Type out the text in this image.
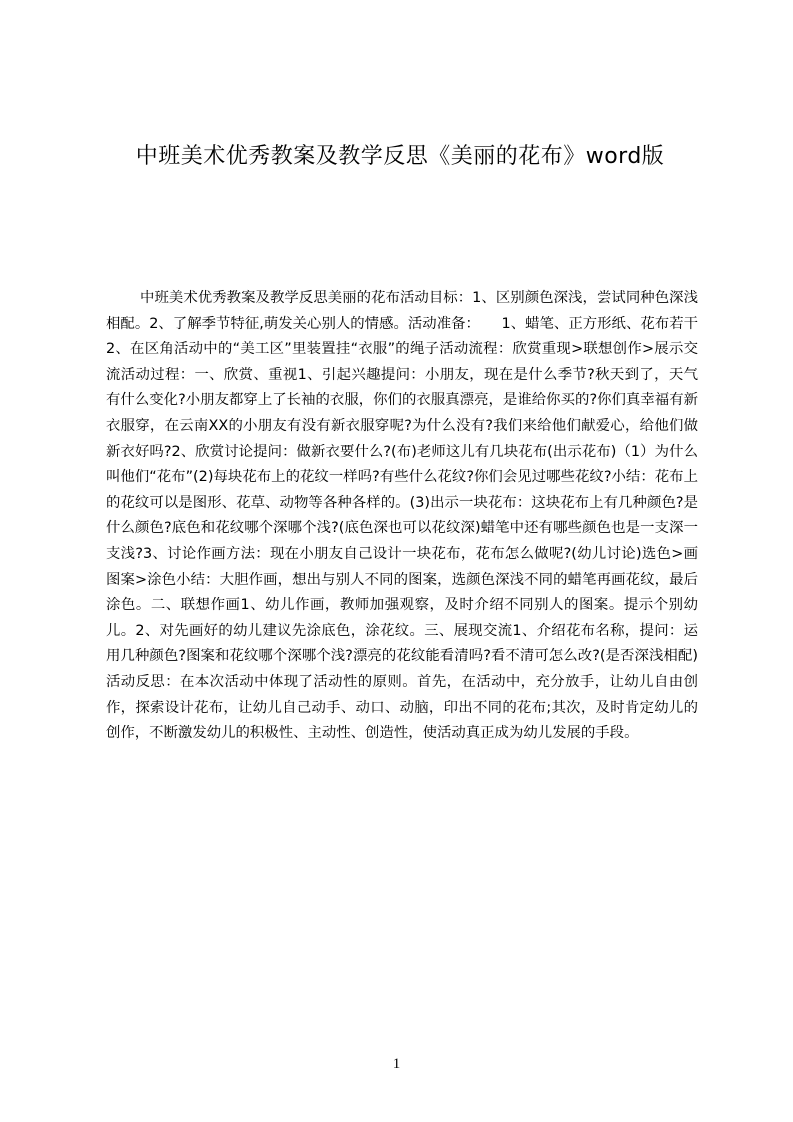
中班美术优秀教案及教学反思《美丽的花布》word版

中班美术优秀教案及教学反思美丽的花布活动目标：1、区别颜色深浅，尝试同种色深浅相配。2、了解季节特征,萌发关心别人的情感。活动准备：　　1、蜡笔、正方形纸、花布若干2、在区角活动中的“美工区”里装置挂“衣服”的绳子活动流程：欣赏重现>联想创作>展示交流活动过程：一、欣赏、重视1、引起兴趣提问：小朋友，现在是什么季节?秋天到了，天气有什么变化?小朋友都穿上了长袖的衣服，你们的衣服真漂亮，是谁给你买的?你们真幸福有新衣服穿，在云南XX的小朋友有没有新衣服穿呢?为什么没有?我们来给他们献爱心，给他们做新衣好吗?2、欣赏讨论提问：做新衣要什么?(布)老师这儿有几块花布(出示花布)（1）为什么叫他们“花布”(2)每块花布上的花纹一样吗?有些什么花纹?你们会见过哪些花纹?小结：花布上的花纹可以是图形、花草、动物等各种各样的。(3)出示一块花布：这块花布上有几种颜色?是什么颜色?底色和花纹哪个深哪个浅?(底色深也可以花纹深)蜡笔中还有哪些颜色也是一支深一支浅?3、讨论作画方法：现在小朋友自己设计一块花布，花布怎么做呢?(幼儿讨论)选色>画图案>涂色小结：大胆作画，想出与别人不同的图案，选颜色深浅不同的蜡笔再画花纹，最后涂色。二、联想作画1、幼儿作画，教师加强观察，及时介绍不同别人的图案。提示个别幼儿。2、对先画好的幼儿建议先涂底色，涂花纹。三、展现交流1、介绍花布名称，提问：运用几种颜色?图案和花纹哪个深哪个浅?漂亮的花纹能看清吗?看不清可怎么改?(是否深浅相配)活动反思：在本次活动中体现了活动性的原则。首先，在活动中，充分放手，让幼儿自由创作，探索设计花布，让幼儿自己动手、动口、动脑，印出不同的花布;其次，及时肯定幼儿的创作，不断激发幼儿的积极性、主动性、创造性，使活动真正成为幼儿发展的手段。

1
